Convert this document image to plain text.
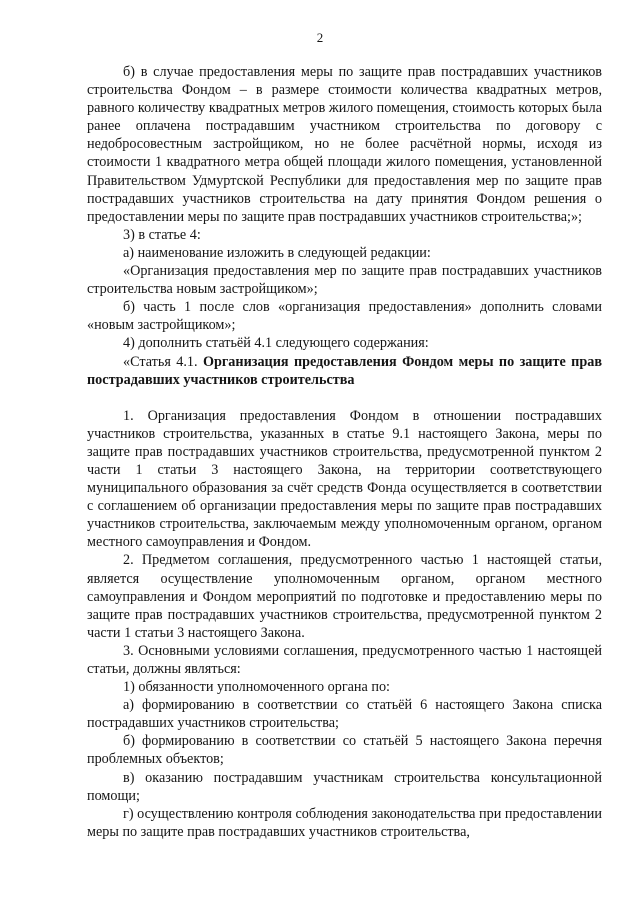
2

б) в случае предоставления меры по защите прав пострадавших участников строительства Фондом – в размере стоимости количества квадратных метров, равного количеству квадратных метров жилого помещения, стоимость которых была ранее оплачена пострадавшим участником строительства по договору с недобросовестным застройщиком, но не более расчётной нормы, исходя из стоимости 1 квадратного метра общей площади жилого помещения, установленной Правительством Удмуртской Республики для предоставления мер по защите прав пострадавших участников строительства на дату принятия Фондом решения о предоставлении меры по защите прав пострадавших участников строительства;»;

3) в статье 4:

а) наименование изложить в следующей редакции:

«Организация предоставления мер по защите прав пострадавших участников строительства новым застройщиком»;

б) часть 1 после слов «организация предоставления» дополнить словами «новым застройщиком»;

4) дополнить статьёй 4.1 следующего содержания:

«Статья 4.1. Организация предоставления Фондом меры по защите прав пострадавших участников строительства

1. Организация предоставления Фондом в отношении пострадавших участников строительства, указанных в статье 9.1 настоящего Закона, меры по защите прав пострадавших участников строительства, предусмотренной пунктом 2 части 1 статьи 3 настоящего Закона, на территории соответствующего муниципального образования за счёт средств Фонда осуществляется в соответствии с соглашением об организации предоставления меры по защите прав пострадавших участников строительства, заключаемым между уполномоченным органом, органом местного самоуправления и Фондом.

2. Предметом соглашения, предусмотренного частью 1 настоящей статьи, является осуществление уполномоченным органом, органом местного самоуправления и Фондом мероприятий по подготовке и предоставлению меры по защите прав пострадавших участников строительства, предусмотренной пунктом 2 части 1 статьи 3 настоящего Закона.

3. Основными условиями соглашения, предусмотренного частью 1 настоящей статьи, должны являться:

1) обязанности уполномоченного органа по:

а) формированию в соответствии со статьёй 6 настоящего Закона списка пострадавших участников строительства;

б) формированию в соответствии со статьёй 5 настоящего Закона перечня проблемных объектов;

в) оказанию пострадавшим участникам строительства консультационной помощи;

г) осуществлению контроля соблюдения законодательства при предоставлении меры по защите прав пострадавших участников строительства,
